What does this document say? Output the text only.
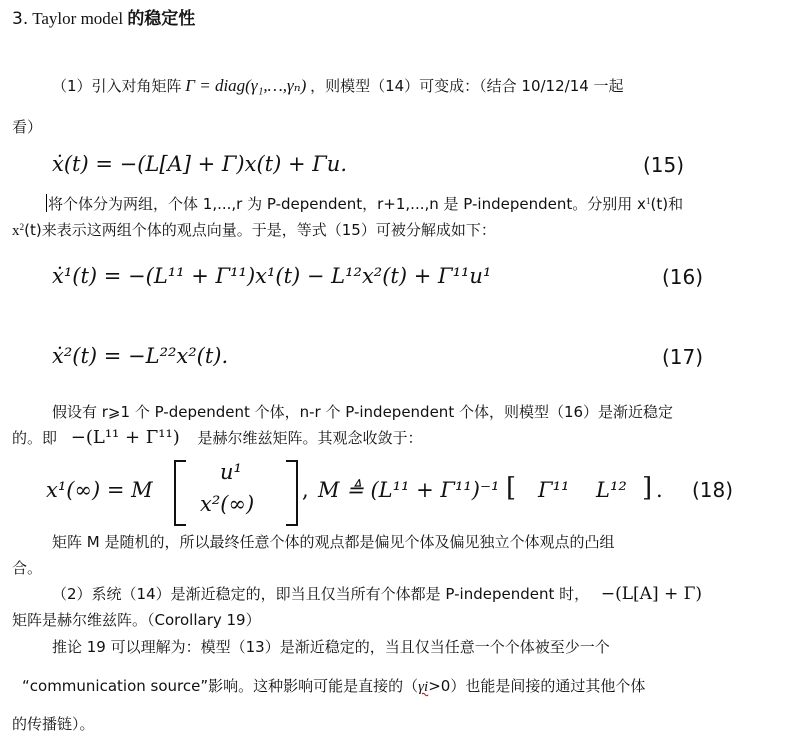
3. Taylor model 的稳定性
（1）引入对角矩阵 Γ = diag(γ₁,…,γₙ) ，则模型（14）可变成：（结合 10/12/14 一起
看）
ẋ(t) = −(L[A] + Γ)x(t) + Γu.	(15)
将个体分为两组，个体 1,...,r 为 P-dependent，r+1,...,n 是 P-independent。分别用 $x^1(t)$和
$x^2(t)$来表示这两组个体的观点向量。于是，等式（15）可被分解成如下：
ẋ¹(t) = −(L¹¹ + Γ¹¹)x¹(t) − L¹²x²(t) + Γ¹¹u¹	(16)
ẋ²(t) = −L²²x²(t).	(17)
假设有 r⩾1 个 P-dependent 个体，n-r 个 P-independent 个体，则模型（16）是渐近稳定
的。即 −(L¹¹ + Γ¹¹) 是赫尔维兹矩阵。其观念收敛于：
x¹(∞) = M
u¹
x²(∞)
, M ≜ (L¹¹ + Γ¹¹)⁻¹ [ Γ¹¹ L¹² ] . (18)
矩阵 M 是随机的，所以最终任意个体的观点都是偏见个体及偏见独立个体观点的凸组
合。
（2）系统（14）是渐近稳定的，即当且仅当所有个体都是 P-independent 时， −(L[A] + Γ)
矩阵是赫尔维兹阵。（Corollary 19）
推论 19 可以理解为：模型（13）是渐近稳定的，当且仅当任意一个个体被至少一个
“communication source”影响。这种影响可能是直接的（γi>0）也能是间接的通过其他个体
的传播链）。
